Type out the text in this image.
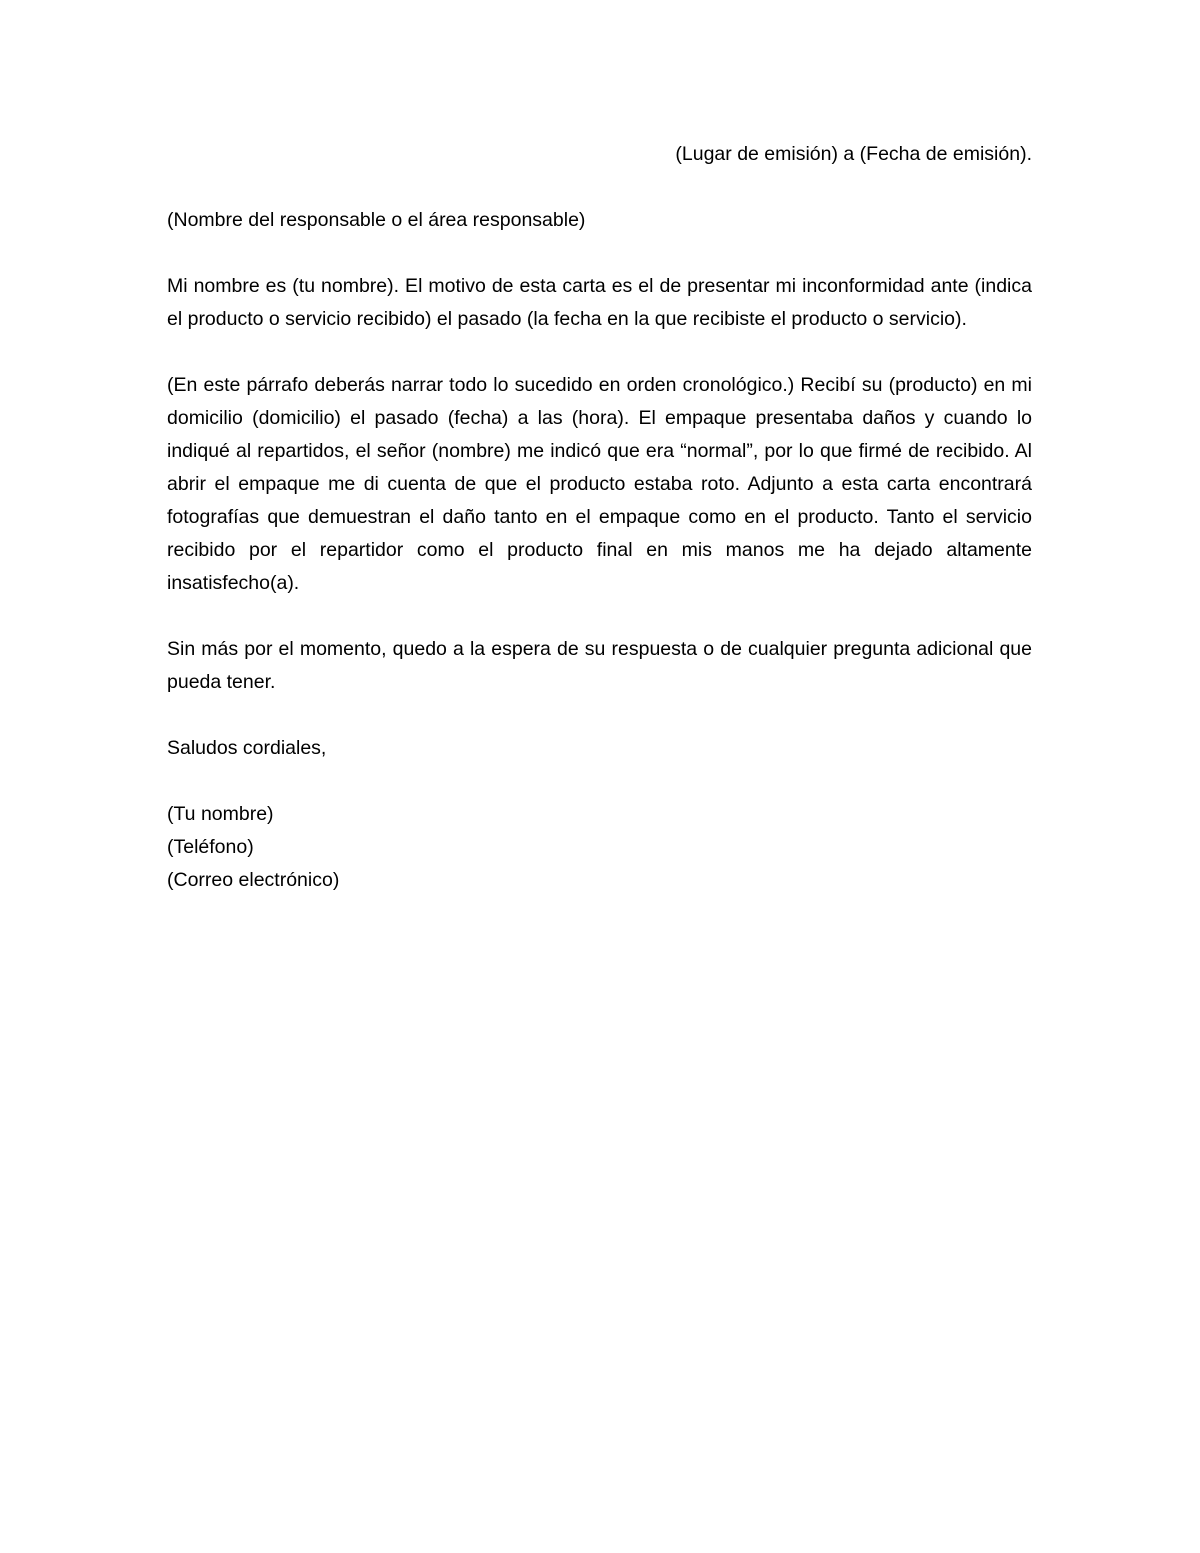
(Lugar de emisión) a (Fecha de emisión).

(Nombre del responsable o el área responsable)

Mi nombre es (tu nombre). El motivo de esta carta es el de presentar mi inconformidad ante (indica el producto o servicio recibido) el pasado (la fecha en la que recibiste el producto o servicio).

(En este párrafo deberás narrar todo lo sucedido en orden cronológico.) Recibí su (producto) en mi domicilio (domicilio) el pasado (fecha) a las (hora). El empaque presentaba daños y cuando lo indiqué al repartidos, el señor (nombre) me indicó que era “normal”, por lo que firmé de recibido. Al abrir el empaque me di cuenta de que el producto estaba roto. Adjunto a esta carta encontrará fotografías que demuestran el daño tanto en el empaque como en el producto. Tanto el servicio recibido por el repartidor como el producto final en mis manos me ha dejado altamente insatisfecho(a).

Sin más por el momento, quedo a la espera de su respuesta o de cualquier pregunta adicional que pueda tener.

Saludos cordiales,

(Tu nombre)

(Teléfono)

(Correo electrónico)
